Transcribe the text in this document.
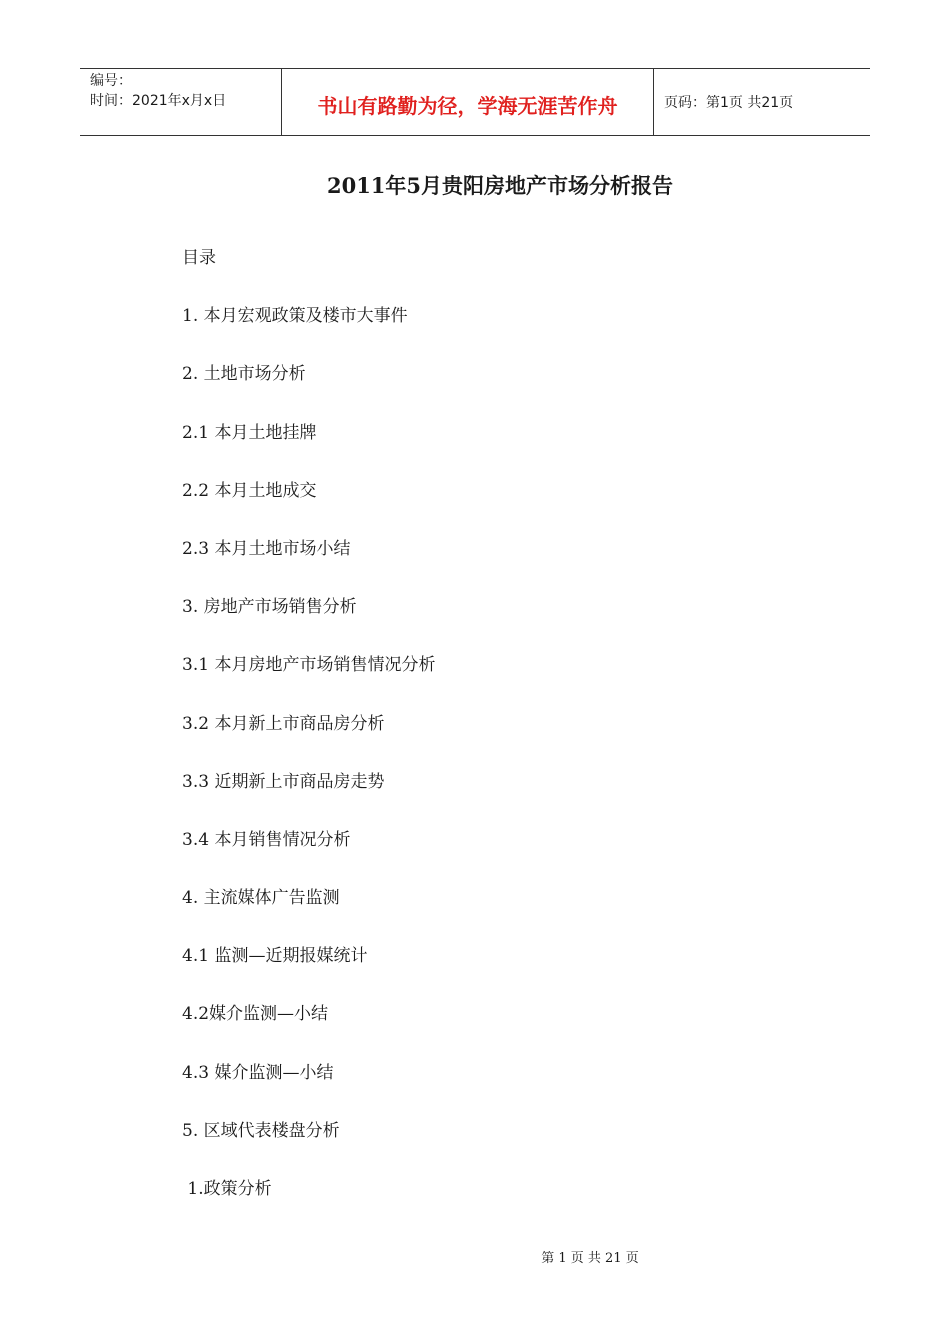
编号：
时间：2021年x月x日	书山有路勤为径，学海无涯苦作舟	页码：第1页 共21页
2011年5月贵阳房地产市场分析报告
目录
1. 本月宏观政策及楼市大事件
2. 土地市场分析
2.1 本月土地挂牌
2.2 本月土地成交
2.3 本月土地市场小结
3. 房地产市场销售分析
3.1 本月房地产市场销售情况分析
3.2 本月新上市商品房分析
3.3 近期新上市商品房走势
3.4 本月销售情况分析
4. 主流媒体广告监测
4.1 监测—近期报媒统计
4.2媒介监测—小结
4.3 媒介监测—小结
5. 区域代表楼盘分析
1.政策分析
第 1 页 共 21 页
